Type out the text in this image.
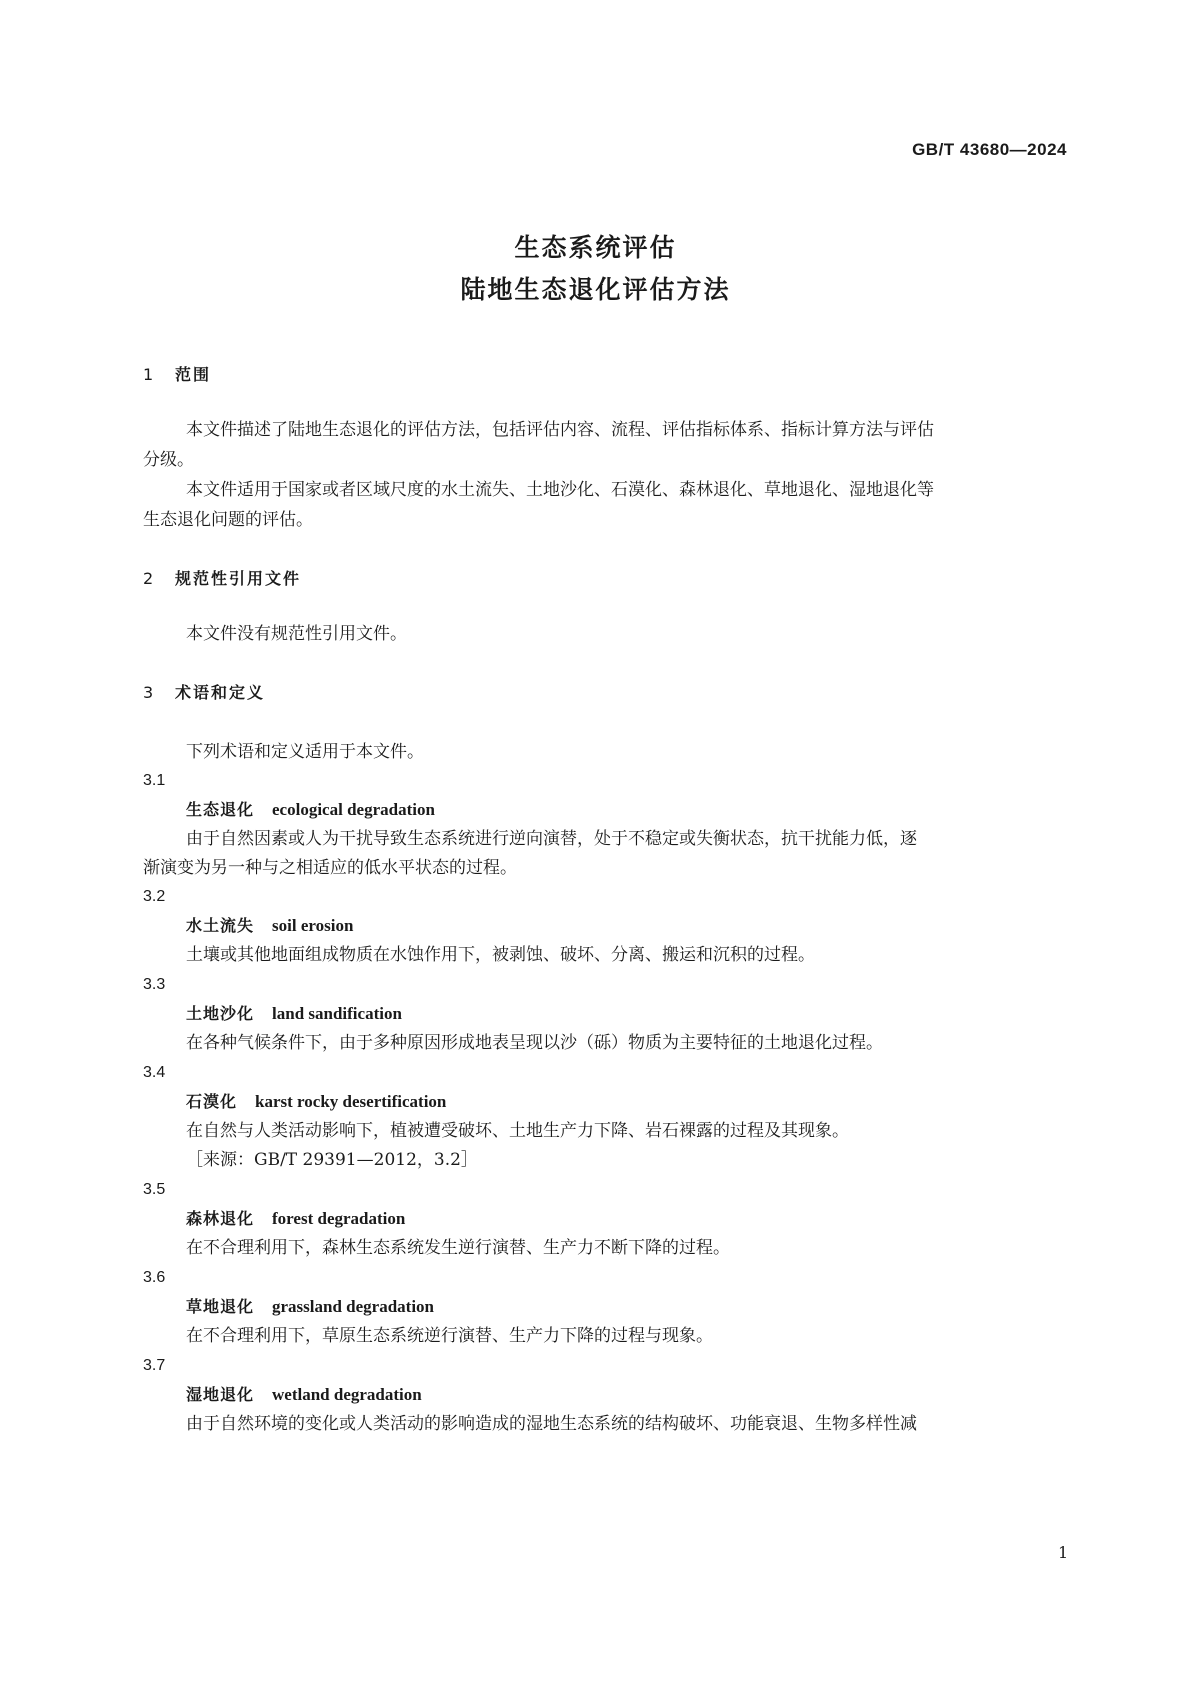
GB/T 43680—2024
生态系统评估
陆地生态退化评估方法
1 范围
本文件描述了陆地生态退化的评估方法，包括评估内容、流程、评估指标体系、指标计算方法与评估
分级。
本文件适用于国家或者区域尺度的水土流失、土地沙化、石漠化、森林退化、草地退化、湿地退化等
生态退化问题的评估。
2 规范性引用文件
本文件没有规范性引用文件。
3 术语和定义
下列术语和定义适用于本文件。
3.1
生态退化 ecological degradation
由于自然因素或人为干扰导致生态系统进行逆向演替，处于不稳定或失衡状态，抗干扰能力低，逐
渐演变为另一种与之相适应的低水平状态的过程。
3.2
水土流失 soil erosion
土壤或其他地面组成物质在水蚀作用下，被剥蚀、破坏、分离、搬运和沉积的过程。
3.3
土地沙化 land sandification
在各种气候条件下，由于多种原因形成地表呈现以沙（砾）物质为主要特征的土地退化过程。
3.4
石漠化 karst rocky desertification
在自然与人类活动影响下，植被遭受破坏、土地生产力下降、岩石裸露的过程及其现象。
［来源：GB/T 29391—2012，3.2］
3.5
森林退化 forest degradation
在不合理利用下，森林生态系统发生逆行演替、生产力不断下降的过程。
3.6
草地退化 grassland degradation
在不合理利用下，草原生态系统逆行演替、生产力下降的过程与现象。
3.7
湿地退化 wetland degradation
由于自然环境的变化或人类活动的影响造成的湿地生态系统的结构破坏、功能衰退、生物多样性减
1
